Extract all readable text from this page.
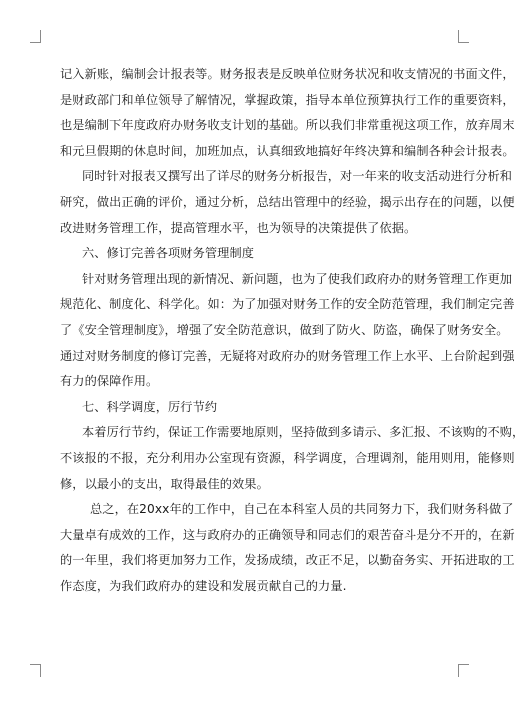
记入新账，编制会计报表等。财务报表是反映单位财务状况和收支情况的书面文件，

是财政部门和单位领导了解情况，掌握政策，指导本单位预算执行工作的重要资料，

也是编制下年度政府办财务收支计划的基础。所以我们非常重视这项工作，放弃周末

和元旦假期的休息时间，加班加点，认真细致地搞好年终决算和编制各种会计报表。

同时针对报表又撰写出了详尽的财务分析报告，对一年来的收支活动进行分析和

研究，做出正确的评价，通过分析，总结出管理中的经验，揭示出存在的问题，以便

改进财务管理工作，提高管理水平，也为领导的决策提供了依据。

六、修订完善各项财务管理制度

针对财务管理出现的新情况、新问题，也为了使我们政府办的财务管理工作更加

规范化、制度化、科学化。如：为了加强对财务工作的安全防范管理，我们制定完善

了《安全管理制度》，增强了安全防范意识，做到了防火、防盗，确保了财务安全。

通过对财务制度的修订完善，无疑将对政府办的财务管理工作上水平、上台阶起到强

有力的保障作用。

七、科学调度，厉行节约

本着厉行节约，保证工作需要地原则，坚持做到多请示、多汇报、不该购的不购，

不该报的不报，充分利用办公室现有资源，科学调度，合理调剂，能用则用，能修则

修，以最小的支出，取得最佳的效果。

总之，在20xx年的工作中，自己在本科室人员的共同努力下，我们财务科做了

大量卓有成效的工作，这与政府办的正确领导和同志们的艰苦奋斗是分不开的，在新

的一年里，我们将更加努力工作，发扬成绩，改正不足，以勤奋务实、开拓进取的工

作态度，为我们政府办的建设和发展贡献自己的力量.
